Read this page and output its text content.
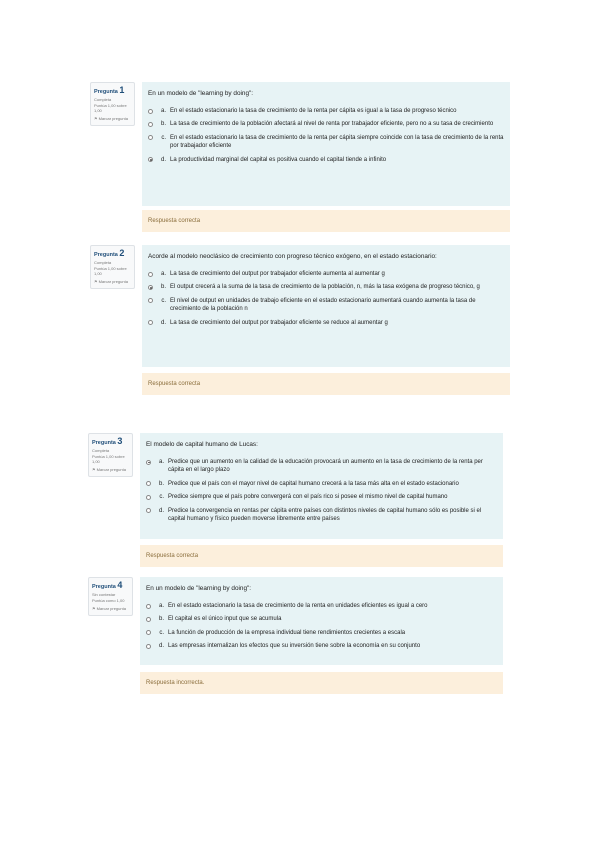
Pregunta 1
Completa
Puntúa 1,00 sobre 1,00
⚑Marcar pregunta
En un modelo de "learning by doing":
a. En el estado estacionario la tasa de crecimiento de la renta per cápita es igual a la tasa de progreso técnico
b. La tasa de crecimiento de la población afectará al nivel de renta por trabajador eficiente, pero no a su tasa de crecimiento
c. En el estado estacionario la tasa de crecimiento de la renta per cápita siempre coincide con la tasa de crecimiento de la renta por trabajador eficiente
d. La productividad marginal del capital es positiva cuando el capital tiende a infinito
Respuesta correcta
Pregunta 2
Completa
Puntúa 1,00 sobre 1,00
⚑Marcar pregunta
Acorde al modelo neoclásico de crecimiento con progreso técnico exógeno, en el estado estacionario:
a. La tasa de crecimiento del output por trabajador eficiente aumenta al aumentar g
b. El output crecerá a la suma de la tasa de crecimiento de la población, n, más la tasa exógena de progreso técnico, g
c. El nivel de output en unidades de trabajo eficiente en el estado estacionario aumentará cuando aumenta la tasa de crecimiento de la población n
d. La tasa de crecimiento del output por trabajador eficiente se reduce al aumentar g
Respuesta correcta
Pregunta 3
Completa
Puntúa 1,00 sobre 1,00
⚑Marcar pregunta
El modelo de capital humano de Lucas:
a. Predice que un aumento en la calidad de la educación provocará un aumento en la tasa de crecimiento de la renta per cápita en el largo plazo
b. Predice que el país con el mayor nivel de capital humano crecerá a la tasa más alta en el estado estacionario
c. Predice siempre que el país pobre convergerá con el país rico si posee el mismo nivel de capital humano
d. Predice la convergencia en rentas per cápita entre países con distintos niveles de capital humano sólo es posible si el capital humano y físico pueden moverse libremente entre países
Respuesta correcta
Pregunta 4
Sin contestar
Puntúa como 1,00
⚑Marcar pregunta
En un modelo de "learning by doing":
a. En el estado estacionario la tasa de crecimiento de la renta en unidades eficientes es igual a cero
b. El capital es el único input que se acumula
c. La función de producción de la empresa individual tiene rendimientos crecientes a escala
d. Las empresas internalizan los efectos que su inversión tiene sobre la economía en su conjunto
Respuesta incorrecta.
